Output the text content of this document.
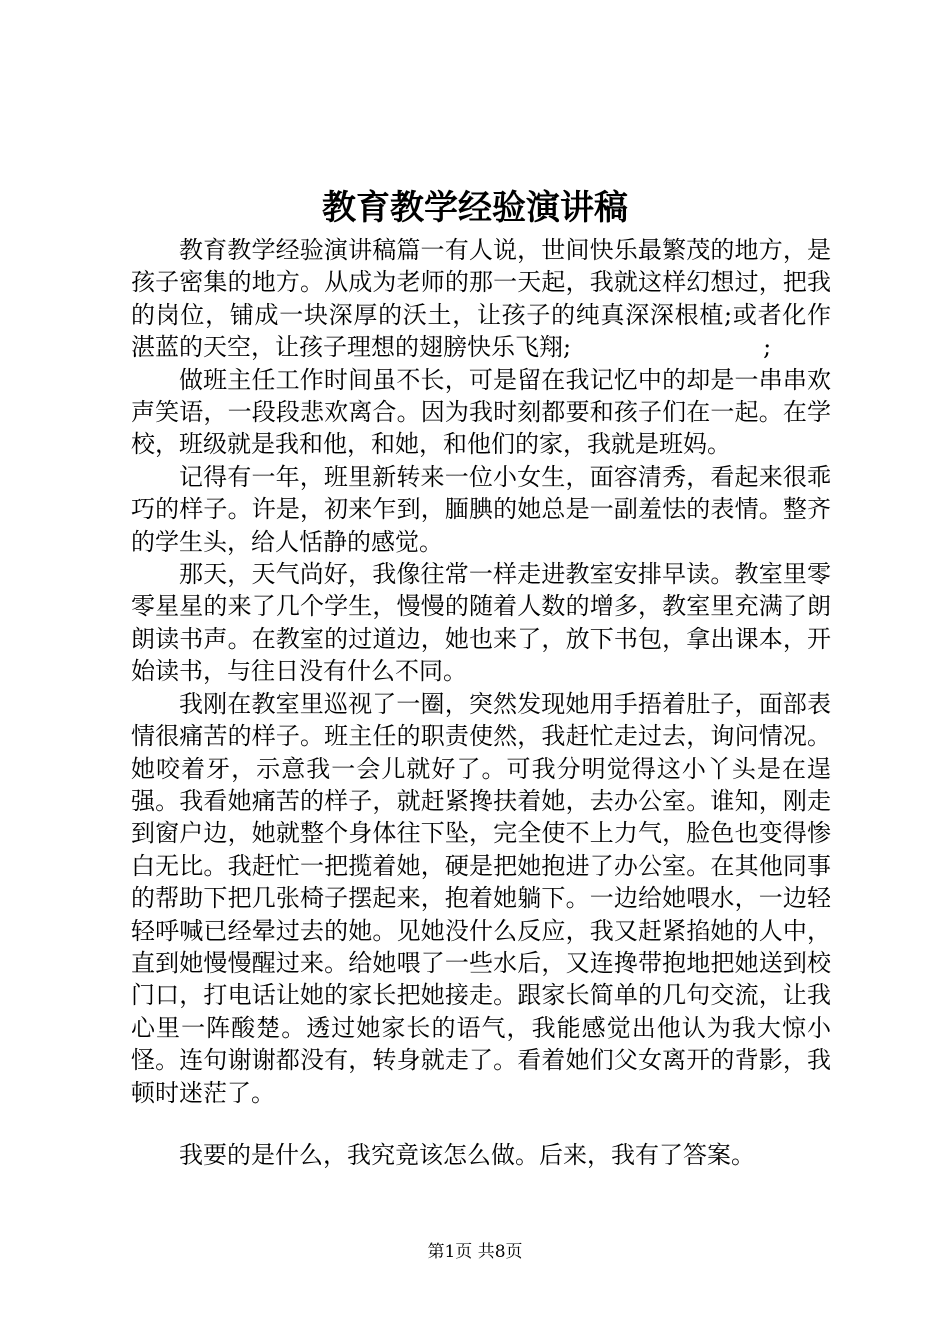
教育教学经验演讲稿

教育教学经验演讲稿篇一有人说，世间快乐最繁茂的地方，是孩子密集的地方。从成为老师的那一天起，我就这样幻想过，把我的岗位，铺成一块深厚的沃土，让孩子的纯真深深根植;或者化作湛蓝的天空，让孩子理想的翅膀快乐飞翔;　　　　　　　　;

做班主任工作时间虽不长，可是留在我记忆中的却是一串串欢声笑语，一段段悲欢离合。因为我时刻都要和孩子们在一起。在学校，班级就是我和他，和她，和他们的家，我就是班妈。

记得有一年，班里新转来一位小女生，面容清秀，看起来很乖巧的样子。许是，初来乍到，腼腆的她总是一副羞怯的表情。整齐的学生头，给人恬静的感觉。

那天，天气尚好，我像往常一样走进教室安排早读。教室里零零星星的来了几个学生，慢慢的随着人数的增多，教室里充满了朗朗读书声。在教室的过道边，她也来了，放下书包，拿出课本，开始读书，与往日没有什么不同。

我刚在教室里巡视了一圈，突然发现她用手捂着肚子，面部表情很痛苦的样子。班主任的职责使然，我赶忙走过去，询问情况。她咬着牙，示意我一会儿就好了。可我分明觉得这小丫头是在逞强。我看她痛苦的样子，就赶紧搀扶着她，去办公室。谁知，刚走到窗户边，她就整个身体往下坠，完全使不上力气，脸色也变得惨白无比。我赶忙一把揽着她，硬是把她抱进了办公室。在其他同事的帮助下把几张椅子摆起来，抱着她躺下。一边给她喂水，一边轻轻呼喊已经晕过去的她。见她没什么反应，我又赶紧掐她的人中，直到她慢慢醒过来。给她喂了一些水后，又连搀带抱地把她送到校门口，打电话让她的家长把她接走。跟家长简单的几句交流，让我心里一阵酸楚。透过她家长的语气，我能感觉出他认为我大惊小怪。连句谢谢都没有，转身就走了。看着她们父女离开的背影，我顿时迷茫了。

我要的是什么，我究竟该怎么做。后来，我有了答案。

第1页 共8页
